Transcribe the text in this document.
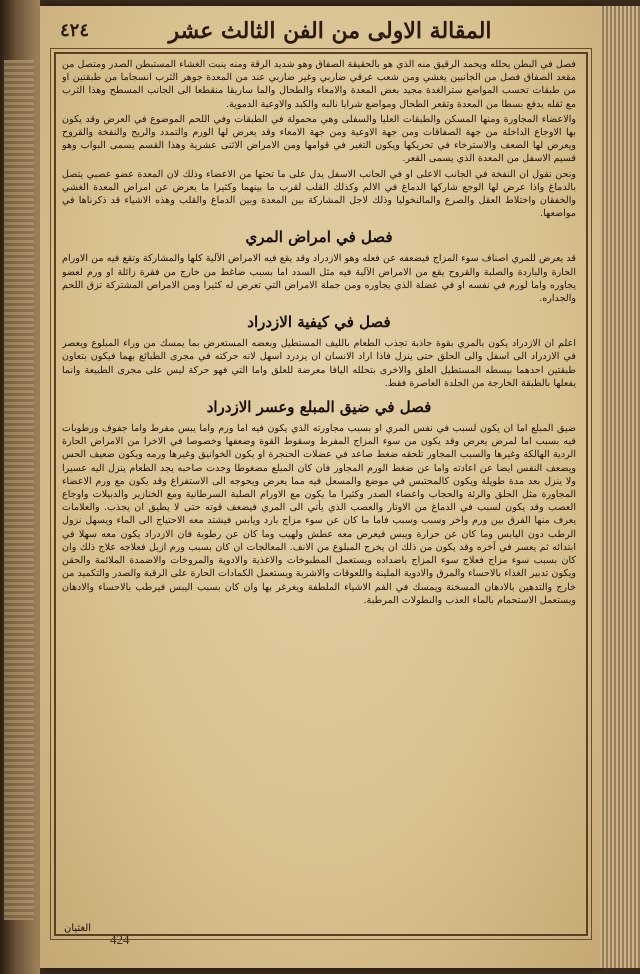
٤٢٤	المقالة الاولى من الفن الثالث عشر

فصل في البطن يحلله ويحمد الرقيق منه الذي هو بالحقيقة الصفاق وهو شديد الرقة ومنه ينبت الغشاء المستبطن الصدر ومتصل من مقعد الصفاق فصل من الجانبين يغشي ومن شعب عرقي ضاربي وغير ضاربي عند من المعدة جوهر الثرب انسجاما من طبقتين او من طبقات تحسب المواضع سترالغدة مجيد بعض المعدة والامعاء والطحال والما ساريقا منقطعا الى الجانب المسطح وهذا الثرب مع ثقله يدفع بسطا من المعدة وتقعر الطحال ومواضع شرايا نالبه والكبد والاوعية الدموية.

والاعضاء المجاورة ومنها المسكن والطبقات العليا والسفلى وهي محمولة في الطبقات وفي اللحم الموضوع في العرض وقد يكون بها الاوجاع الداخلة من جهة الصفاقات ومن جهة الاوعية ومن جهة الامعاء وقد يعرض لها الورم والتمدد والريح والنفخة والقروح ويعرض لها الضعف والاسترخاء في تحريكها ويكون التغير في قوامها ومن الامراض الاثنى عشرية وهذا القسم يسمى البواب وهو قسيم الاسفل من المعدة الذي يسمى القعر.

ونحن نقول ان النفخة في الجانب الاعلى او في الجانب الاسفل يدل على ما تحتها من الاعضاء وذلك لان المعدة عضو عصبي يتصل بالدماغ واذا عرض لها الوجع شاركها الدماغ في الالم وكذلك القلب لقرب ما بينهما وكثيرا ما يعرض عن امراض المعدة الغشي والخفقان واختلاط العقل والصرع والمالنخوليا وذلك لاجل المشاركة بين المعدة وبين الدماغ والقلب وهذه الاشياء قد ذكرناها في مواضعها.

فصل في امراض المري

قد يعرض للمري اصناف سوء المزاج فيضعفه عن فعله وهو الازدراد وقد يقع فيه الامراض الآلية كلها والمشاركة وتقع فيه من الاورام الحارة والباردة والصلبة والقروح يقع من الامراض الآلية فيه مثل السدد اما بسبب ضاغط من خارج من فقرة زائلة او ورم لعضو يجاوره واما لورم في نفسه او في عضلة الذي يجاوره ومن جملة الامراض التي تعرض له كثيرا ومن الامراض المشتركة تزق اللحم والجداره.

فصل في كيفية الازدراد

اعلم ان الازدراد يكون بالمري بقوة جاذبة تجذب الطعام بالليف المستطيل وبعضه المستعرض بما يمسك من وراء المبلوع ويعصر في الازدراد الى اسفل والى الحلق حتى ينزل فاذا اراد الانسان ان يزدرد اسهل لانه حركته في مجرى الطبائع بهما فيكون بتعاون طبقتين احدهما بيسطه المستطيل العلق والاخرى بتحلله اليافا معرضة للعلق واما التي فهو حركة ليس على مجرى الطبيعة وانما يفعلها بالطبقة الخارجة من الجلدة العاصرة فقط.

فصل في ضيق المبلع وعسر الازدراد

ضيق المبلع اما ان يكون لسبب في نفس المري او بسبب مجاورته الذي يكون فيه اما ورم واما يبس مفرط واما جفوف ورطوبات فيه بسبب اما لمرض يعرض وقد يكون من سوء المزاج المفرط وسقوط القوة وضعفها وخصوصا في الاخرا من الامراض الحارة الردية الهالكة وغيرها والسبب المجاور تلحقه ضغط صاعد في عضلات الحنجرة او يكون الخوانيق وغيرها ورمه ويكون ضعيف الحس ويضعف النفس ايضا عن اعادته واما عن ضغط الورم المجاور فان كان المبلع مضغوطا وجدت صاحبه يجد الطعام ينزل اليه عسيرا ولا ينزل بعد مدة طويلة ويكون كالمحتبس في موضع والمسعل فيه مما يعرض ويحوجه الى الاستفراغ وقد يكون مع ورم الاعضاء المجاورة مثل الحلق والرئة والحجاب واعضاء الصدر وكثيرا ما يكون مع الاورام الصلبة السرطانية ومع الخنازير والدبيلات واوجاع العصب وقد يكون لسبب في الدماغ من الاوتار والعصب الذي يأتي الى المري فيضعف قوته حتى لا يطيق ان يجذب. والعلامات يعرف منها الفرق بين ورم واخر وسبب وسبب فاما ما كان عن سوء مزاج بارد ويابس فيشتد معه الاحتياج الى الماء ويسهل نزول الرطب دون اليابس وما كان عن حرارة ويبس فيعرض معه عطش ولهيب وما كان عن رطوبة فان الازدراد يكون معه سهلا في ابتدائه ثم يعسر في آخره وقد يكون من ذلك ان يخرج المبلوع من الانف. المعالجات ان كان بسبب ورم ازيل فعلاجه علاج ذلك وان كان بسبب سوء مزاج فعلاج سوء المزاج باضداده ويستعمل المطبوخات والاغذية والادوية والمروخات والاضمدة الملائمة والحقن ويكون تدبير الغذاء بالاحساء والمرق والادوية الملينة واللعوقات والاشربة ويستعمل الكمادات الحارة على الرقبة والصدر والتكميد من خارج والتدهين بالادهان المسخنة ويمسك في الفم الاشياء الملطفة ويغرغر بها وان كان بسبب اليبس فيرطب بالاحساء والادهان ويستعمل الاستحمام بالماء العذب والنطولات المرطبة.

الغثيان
424
